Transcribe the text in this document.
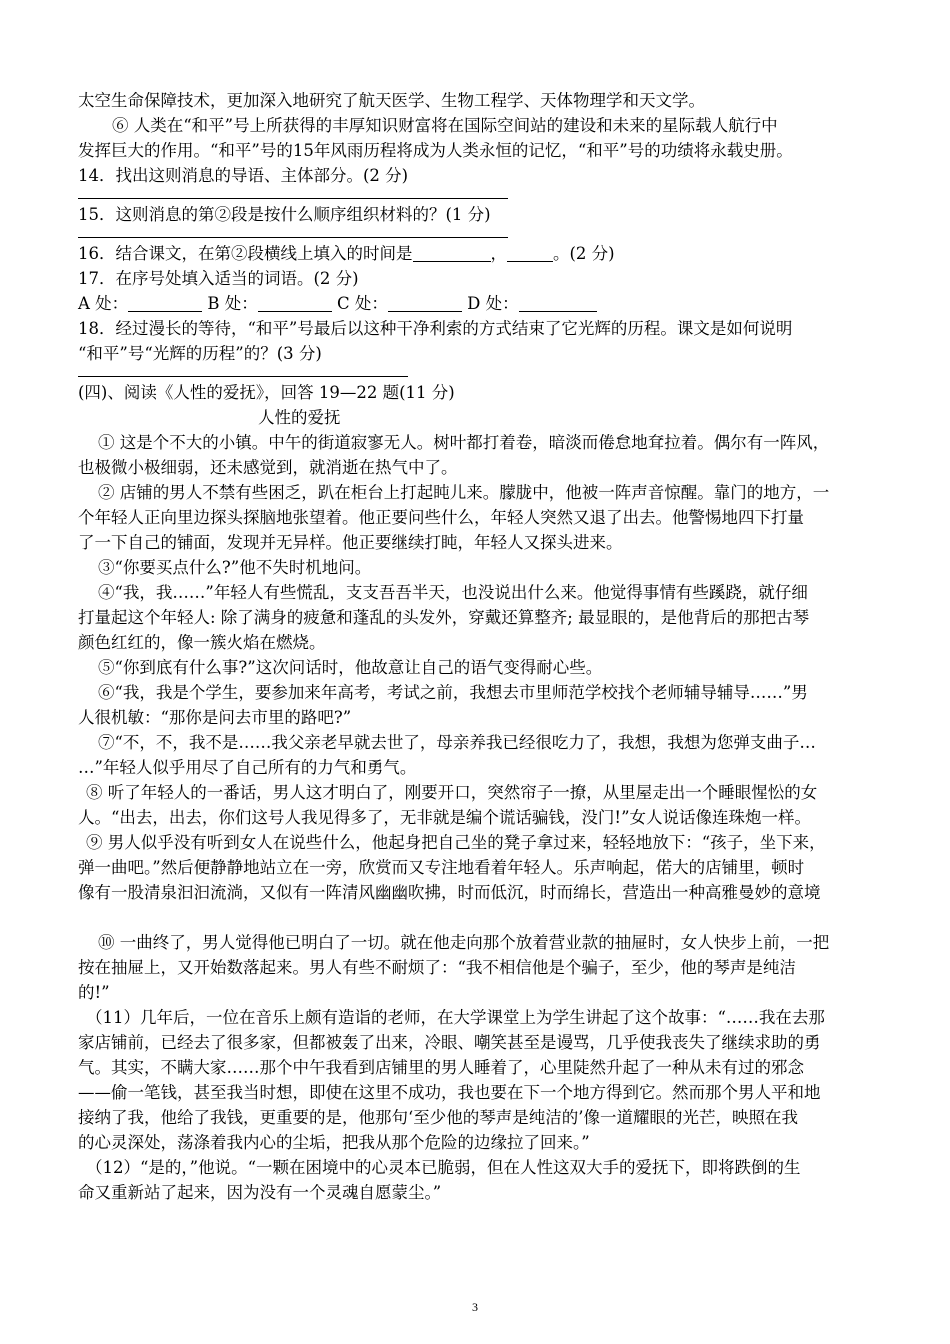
太空生命保障技术，更加深入地研究了航天医学、生物工程学、天体物理学和天文学。
⑥ 人类在“和平”号上所获得的丰厚知识财富将在国际空间站的建设和未来的星际载人航行中
发挥巨大的作用。“和平”号的15年风雨历程将成为人类永恒的记忆，“和平”号的功绩将永载史册。
14．找出这则消息的导语、主体部分。(2 分)
15．这则消息的第②段是按什么顺序组织材料的？(1 分)
16．结合课文，在第②段横线上填入的时间是	，	。(2 分)
17．在序号处填入适当的词语。(2 分)
A 处：	B 处：	C 处：	D 处：
18．经过漫长的等待，“和平”号最后以这种干净利索的方式结束了它光辉的历程。课文是如何说明
“和平”号“光辉的历程”的？(3 分)
(四)、阅读《人性的爱抚》，回答 19—22 题(11 分)
人性的爱抚
① 这是个不大的小镇。中午的街道寂寥无人。树叶都打着卷，暗淡而倦怠地耷拉着。偶尔有一阵风，
也极微小极细弱，还未感觉到，就消逝在热气中了。
② 店铺的男人不禁有些困乏，趴在柜台上打起盹儿来。朦胧中，他被一阵声音惊醒。靠门的地方，一
个年轻人正向里边探头探脑地张望着。他正要问些什么，年轻人突然又退了出去。他警惕地四下打量
了一下自己的铺面，发现并无异样。他正要继续打盹，年轻人又探头进来。
③“你要买点什么?”他不失时机地问。
④“我，我……”年轻人有些慌乱，支支吾吾半天，也没说出什么来。他觉得事情有些蹊跷，就仔细
打量起这个年轻人: 除了满身的疲惫和蓬乱的头发外，穿戴还算整齐; 最显眼的，是他背后的那把古琴
颜色红红的，像一簇火焰在燃烧。
⑤“你到底有什么事?”这次问话时，他故意让自己的语气变得耐心些。
⑥“我，我是个学生，要参加来年高考，考试之前，我想去市里师范学校找个老师辅导辅导……”男
人很机敏：“那你是问去市里的路吧?”
⑦“不，不，我不是……我父亲老早就去世了，母亲养我已经很吃力了，我想，我想为您弹支曲子…
…”年轻人似乎用尽了自己所有的力气和勇气。
⑧ 听了年轻人的一番话，男人这才明白了，刚要开口，突然帘子一撩，从里屋走出一个睡眼惺忪的女
人。“出去，出去，你们这号人我见得多了，无非就是编个谎话骗钱，没门!”女人说话像连珠炮一样。
⑨ 男人似乎没有听到女人在说些什么，他起身把自己坐的凳子拿过来，轻轻地放下：“孩子，坐下来，
弹一曲吧。”然后便静静地站立在一旁，欣赏而又专注地看着年轻人。乐声响起，偌大的店铺里，顿时
像有一股清泉汩汩流淌，又似有一阵清风幽幽吹拂，时而低沉，时而绵长，营造出一种高雅曼妙的意境
⑩ 一曲终了，男人觉得他已明白了一切。就在他走向那个放着营业款的抽屉时，女人快步上前，一把
按在抽屉上，又开始数落起来。男人有些不耐烦了：“我不相信他是个骗子，至少，他的琴声是纯洁
的!”
（11）几年后，一位在音乐上颇有造诣的老师，在大学课堂上为学生讲起了这个故事：“……我在去那
家店铺前，已经去了很多家，但都被轰了出来，冷眼、嘲笑甚至是谩骂，几乎使我丧失了继续求助的勇
气。其实，不瞒大家……那个中午我看到店铺里的男人睡着了，心里陡然升起了一种从未有过的邪念
——偷一笔钱，甚至我当时想，即使在这里不成功，我也要在下一个地方得到它。然而那个男人平和地
接纳了我，他给了我钱，更重要的是，他那句‘至少他的琴声是纯洁的’像一道耀眼的光芒，映照在我
的心灵深处，荡涤着我内心的尘垢，把我从那个危险的边缘拉了回来。”
（12）“是的，”他说。“一颗在困境中的心灵本已脆弱，但在人性这双大手的爱抚下，即将跌倒的生
命又重新站了起来，因为没有一个灵魂自愿蒙尘。”
3
